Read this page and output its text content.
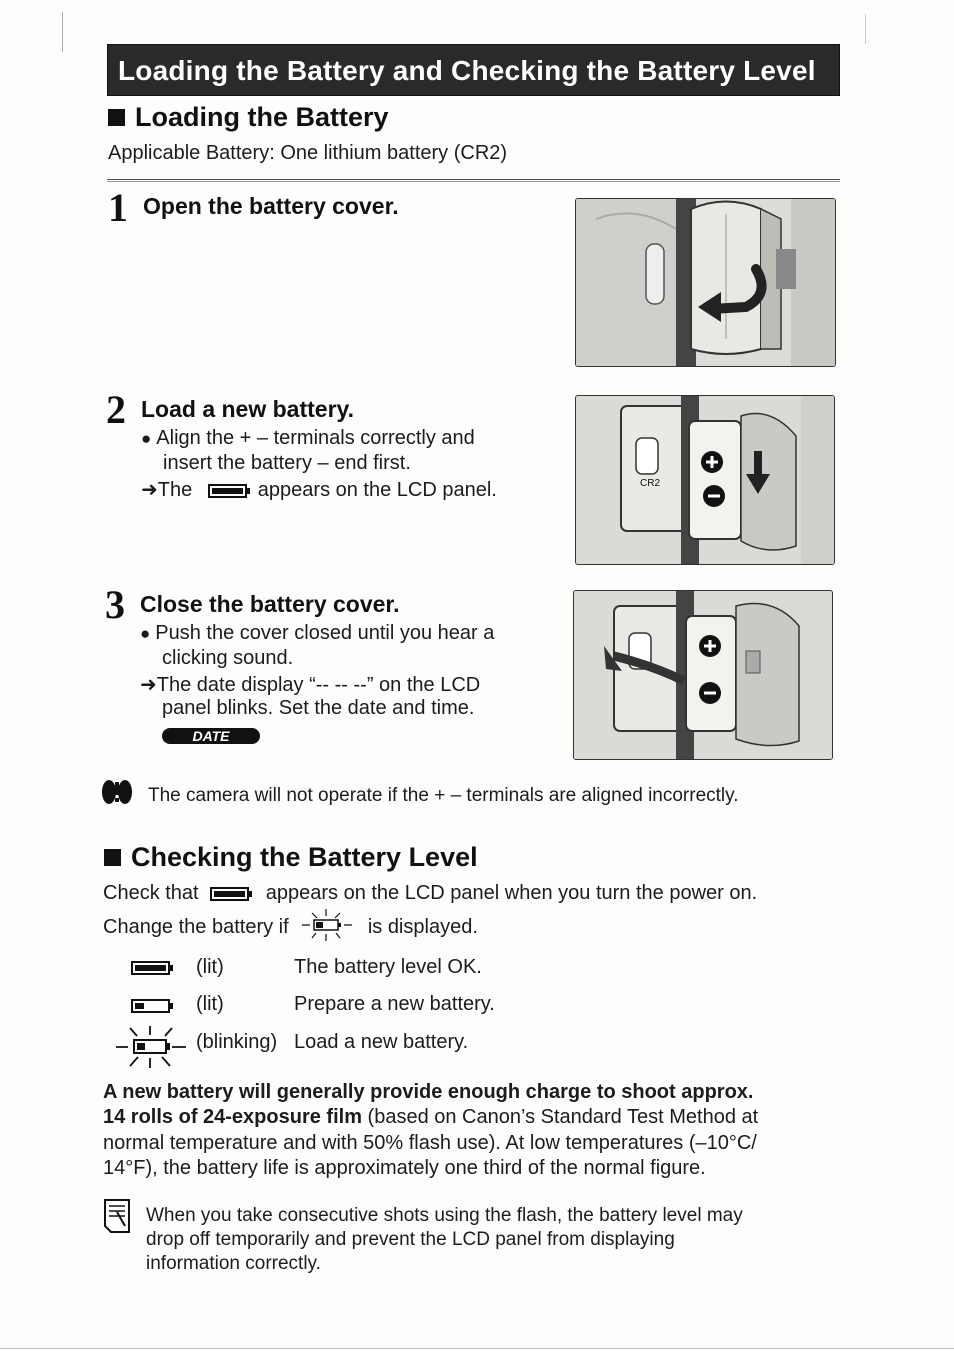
Loading the Battery and Checking the Battery Level
Loading the Battery
Applicable Battery: One lithium battery (CR2)
1 Open the battery cover.
2 Load a new battery.
● Align the + – terminals correctly and
insert the battery – end first.
➜The	appears on the LCD panel.	CR2
3 Close the battery cover.
● Push the cover closed until you hear a
clicking sound.
➜The date display “-- -- --” on the LCD
panel blinks. Set the date and time.
DATE
The camera will not operate if the + – terminals are aligned incorrectly.
Checking the Battery Level
Check that	appears on the LCD panel when you turn the power on.
Change the battery if	is displayed.
(lit)	The battery level OK.
(lit)	Prepare a new battery.
(blinking) Load a new battery.
A new battery will generally provide enough charge to shoot approx.
14 rolls of 24-exposure film (based on Canon’s Standard Test Method at
normal temperature and with 50% flash use). At low temperatures (–10°C/
14°F), the battery life is approximately one third of the normal figure.
When you take consecutive shots using the flash, the battery level may
drop off temporarily and prevent the LCD panel from displaying
information correctly.
